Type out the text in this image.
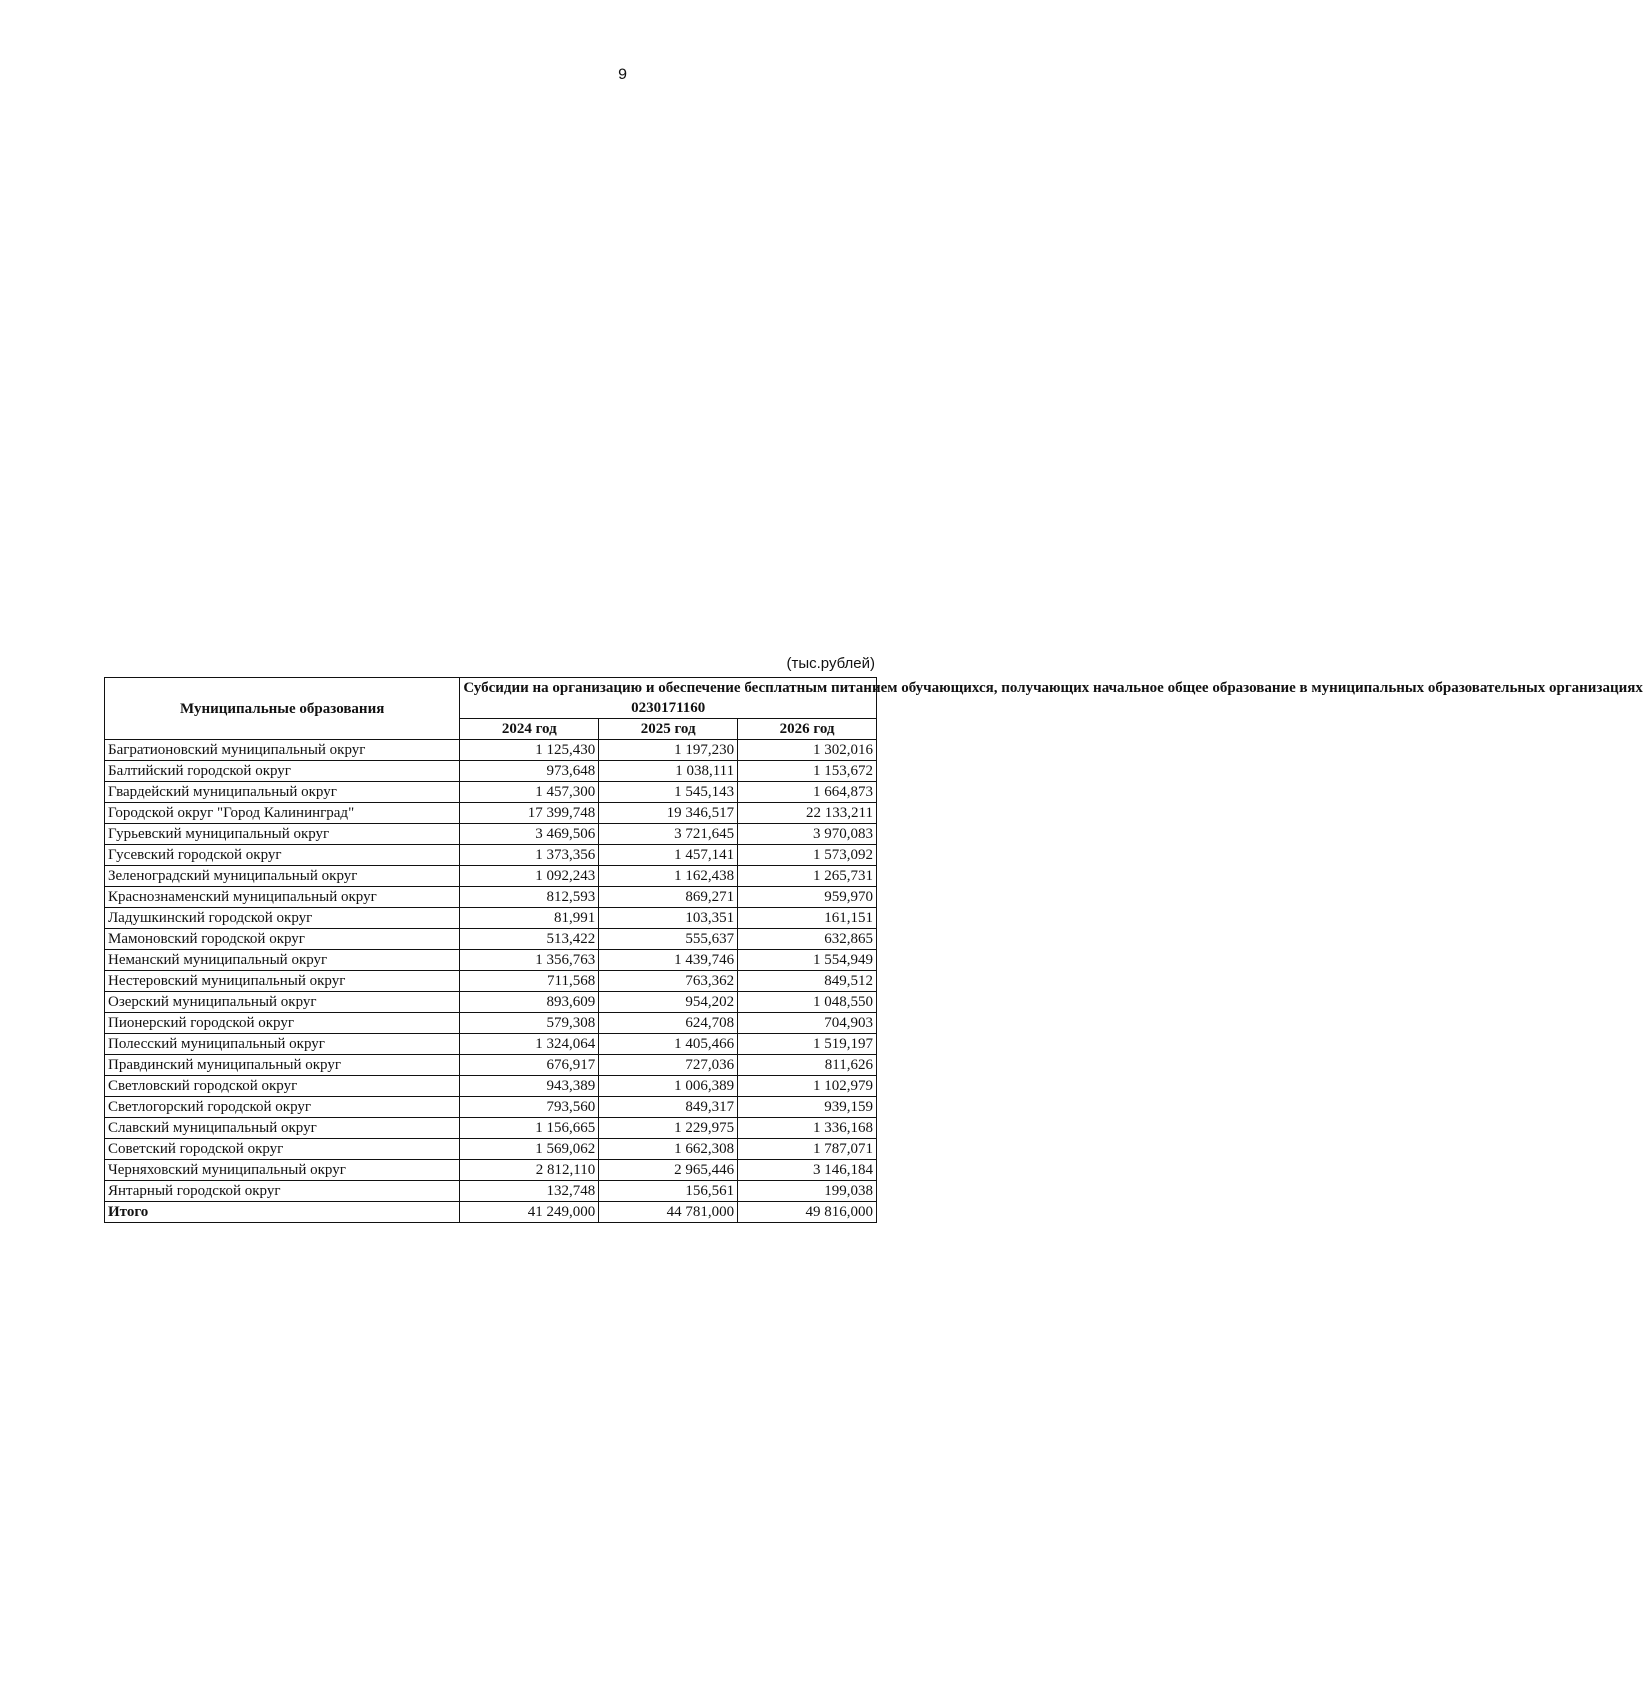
9
(тыс.рублей)
Муниципальные образования	Субсидии на организацию и обеспечение бесплатным питанием обучающихся, получающих начальное общее образование в муниципальных образовательных организациях
0230171160		

	2024 год	2025 год	2026 год
Багратионовский муниципальный округ	1 125,430	1 197,230	1 302,016
Балтийский городской округ	973,648	1 038,111	1 153,672
Гвардейский муниципальный округ	1 457,300	1 545,143	1 664,873
Городской округ "Город Калининград"	17 399,748	19 346,517	22 133,211
Гурьевский муниципальный округ	3 469,506	3 721,645	3 970,083
Гусевский городской округ	1 373,356	1 457,141	1 573,092
Зеленоградский муниципальный округ	1 092,243	1 162,438	1 265,731
Краснознаменский муниципальный округ	812,593	869,271	959,970
Ладушкинский городской округ	81,991	103,351	161,151
Мамоновский городской округ	513,422	555,637	632,865
Неманский муниципальный округ	1 356,763	1 439,746	1 554,949
Нестеровский муниципальный округ	711,568	763,362	849,512
Озерский муниципальный округ	893,609	954,202	1 048,550
Пионерский городской округ	579,308	624,708	704,903
Полесский муниципальный округ	1 324,064	1 405,466	1 519,197
Правдинский муниципальный округ	676,917	727,036	811,626
Светловский городской округ	943,389	1 006,389	1 102,979
Светлогорский городской округ	793,560	849,317	939,159
Славский муниципальный округ	1 156,665	1 229,975	1 336,168
Советский городской округ	1 569,062	1 662,308	1 787,071
Черняховский муниципальный округ	2 812,110	2 965,446	3 146,184
Янтарный городской округ	132,748	156,561	199,038
Итого	41 249,000	44 781,000	49 816,000
